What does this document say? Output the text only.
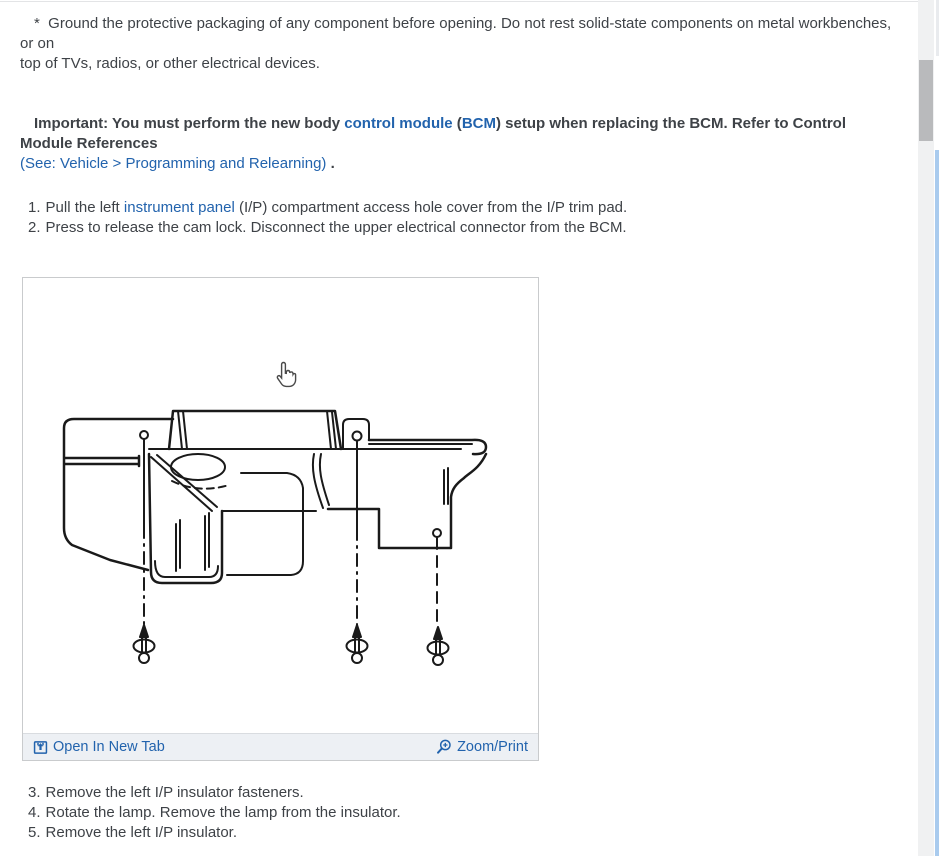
*  Ground the protective packaging of any component before opening. Do not rest solid-state components on metal workbenches, or on
top of TVs, radios, or other electrical devices.
Important: You must perform the new body control module (BCM) setup when replacing the BCM. Refer to Control Module References
(See: Vehicle > Programming and Relearning) .
1. Pull the left instrument panel (I/P) compartment access hole cover from the I/P trim pad.
2. Press to release the cam lock. Disconnect the upper electrical connector from the BCM.
Open In New Tab	Zoom/Print
3. Remove the left I/P insulator fasteners.
4. Rotate the lamp. Remove the lamp from the insulator.
5. Remove the left I/P insulator.
